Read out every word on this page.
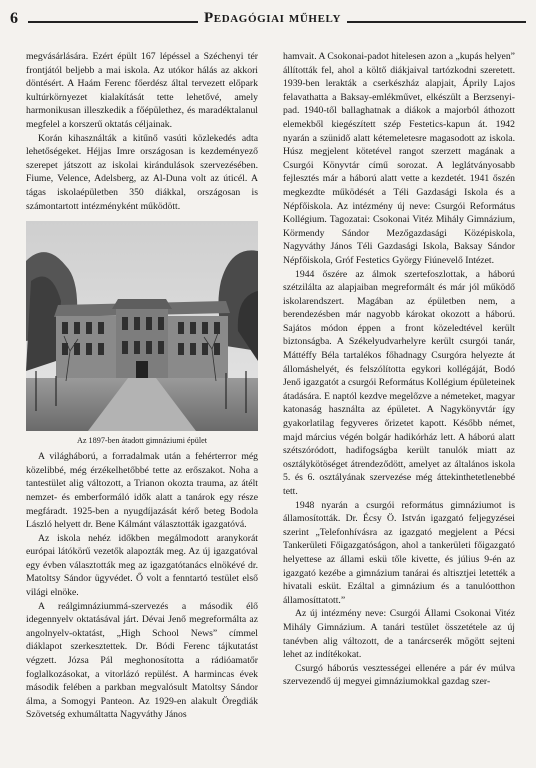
6	Pedagógiai műhely

megvásárlására. Ezért épült 167 lépéssel a Széchenyi tér frontjától beljebb a mai iskola. Az utókor hálás az akkori döntésért. A Haám Ferenc főerdész által tervezett előpark kultúrkörnyezet kialakítását tette lehetővé, amely harmonikusan illeszkedik a főépülethez, és maradéktalanul megfelel a korszerű oktatás céljainak.

Korán kihasználták a kitűnő vasúti közlekedés adta lehetőségeket. Héjjas Imre országosan is kezdeményező szerepet játszott az iskolai kirándulások szervezésében. Fiume, Velence, Adelsberg, az Al-Duna volt az úticél. A tágas iskolaépületben 350 diákkal, országosan is számontartott intézményként működött.

Az 1897-ben átadott gimnáziumi épület

A világháború, a forradalmak után a fehérterror még közelibbé, még érzékelhetőbbé tette az erőszakot. Noha a tantestület alig változott, a Trianon okozta trauma, az átélt nemzet- és emberformáló idők alatt a tanárok egy része megfáradt. 1925-ben a nyugdíjazását kérő beteg Bodola László helyett dr. Bene Kálmánt választották igazgatóvá.

Az iskola nehéz időkben megálmodott aranykorát európai látókörű vezetők alapozták meg. Az új igazgatóval egy évben választották meg az igazgatótanács elnökévé dr. Matoltsy Sándor ügyvédet. Ő volt a fenntartó testület első világi elnöke.

A reálgimnáziummá-szervezés a második élő idegennyelv oktatásával járt. Dévai Jenő megreformálta az angolnyelv-oktatást, „High School News” címmel diáklapot szerkesztettek. Dr. Bódi Ferenc tájkutatást végzett. Józsa Pál meghonosította a rádióamatőr foglalkozásokat, a vitorlázó repülést. A harmincas évek második felében a parkban megvalósult Matoltsy Sándor álma, a Somogyi Panteon. Az 1929-en alakult Öregdiák Szövetség exhumáltatta Nagyváthy János

hamvait. A Csokonai-padot hitelesen azon a „kupás helyen” állították fel, ahol a költő diákjaival tartózkodni szeretett. 1939-ben lerakták a cserkészház alapjait, Áprily Lajos felavathatta a Baksay-emlékművet, elkészült a Berzsenyi-pad. 1940-től ballaghatnak a diákok a majorból áthozott elemekből kiegészített szép Festetics-kapun át. 1942 nyarán a szünidő alatt kétemeletesre magasodott az iskola. Húsz megjelent kötetével rangot szerzett magának a Csurgói Könyvtár című sorozat. A leglátványosabb fejlesztés már a háború alatt vette a kezdetét. 1941 őszén megkezdte működését a Téli Gazdasági Iskola és a Népfőiskola. Az intézmény új neve: Csurgói Református Kollégium. Tagozatai: Csokonai Vitéz Mihály Gimnázium, Körmendy Sándor Mezőgazdasági Középiskola, Nagyváthy János Téli Gazdasági Iskola, Baksay Sándor Népfőiskola, Gróf Festetics György Fiúnevelő Intézet.

1944 őszére az álmok szertefoszlottak, a háború szétzilálta az alapjaiban megreformált és már jól működő iskolarendszert. Magában az épületben nem, a berendezésben már nagyobb károkat okozott a háború. Sajátos módon éppen a front közeledtével került biztonságba. A Székelyudvarhelyre került csurgói tanár, Máttéffy Béla tartalékos főhadnagy Csurgóra helyezte át állomáshelyét, és felszólította egykori kollégáját, Bodó Jenő igazgatót a csurgói Református Kollégium épületeinek átadására. E naptól kezdve megelőzve a németeket, magyar katonaság használta az épületet. A Nagykönyvtár így gyakorlatilag fegyveres őrizetet kapott. Később német, majd március végén bolgár hadikórház lett. A háború alatt szétszóródott, hadifogságba került tanulók miatt az osztálykötöséget átrendeződött, amelyet az általános iskola 5. és 6. osztályának szervezése még áttekinthetetlenebbé tett.

1948 nyarán a csurgói református gimnáziumot is államosították. Dr. Écsy Ö. István igazgató feljegyzései szerint „Telefonhívásra az igazgató megjelent a Pécsi Tankerületi Főigazgatóságon, ahol a tankerületi főigazgató helyettese az állami eskü tőle kivette, és július 9-én az igazgató kezébe a gimnázium tanárai és altisztjei letették a hivatali esküt. Ezáltal a gimnázium és a tanulóotthon államosíttatott.”

Az új intézmény neve: Csurgói Állami Csokonai Vitéz Mihály Gimnázium. A tanári testület összetétele az új tanévben alig változott, de a tanárcserék mögött sejteni lehet az indítékokat.

Csurgó háborús vesztességei ellenére a pár év múlva szervezendő új megyei gimnáziumokkal gazdag szer-
